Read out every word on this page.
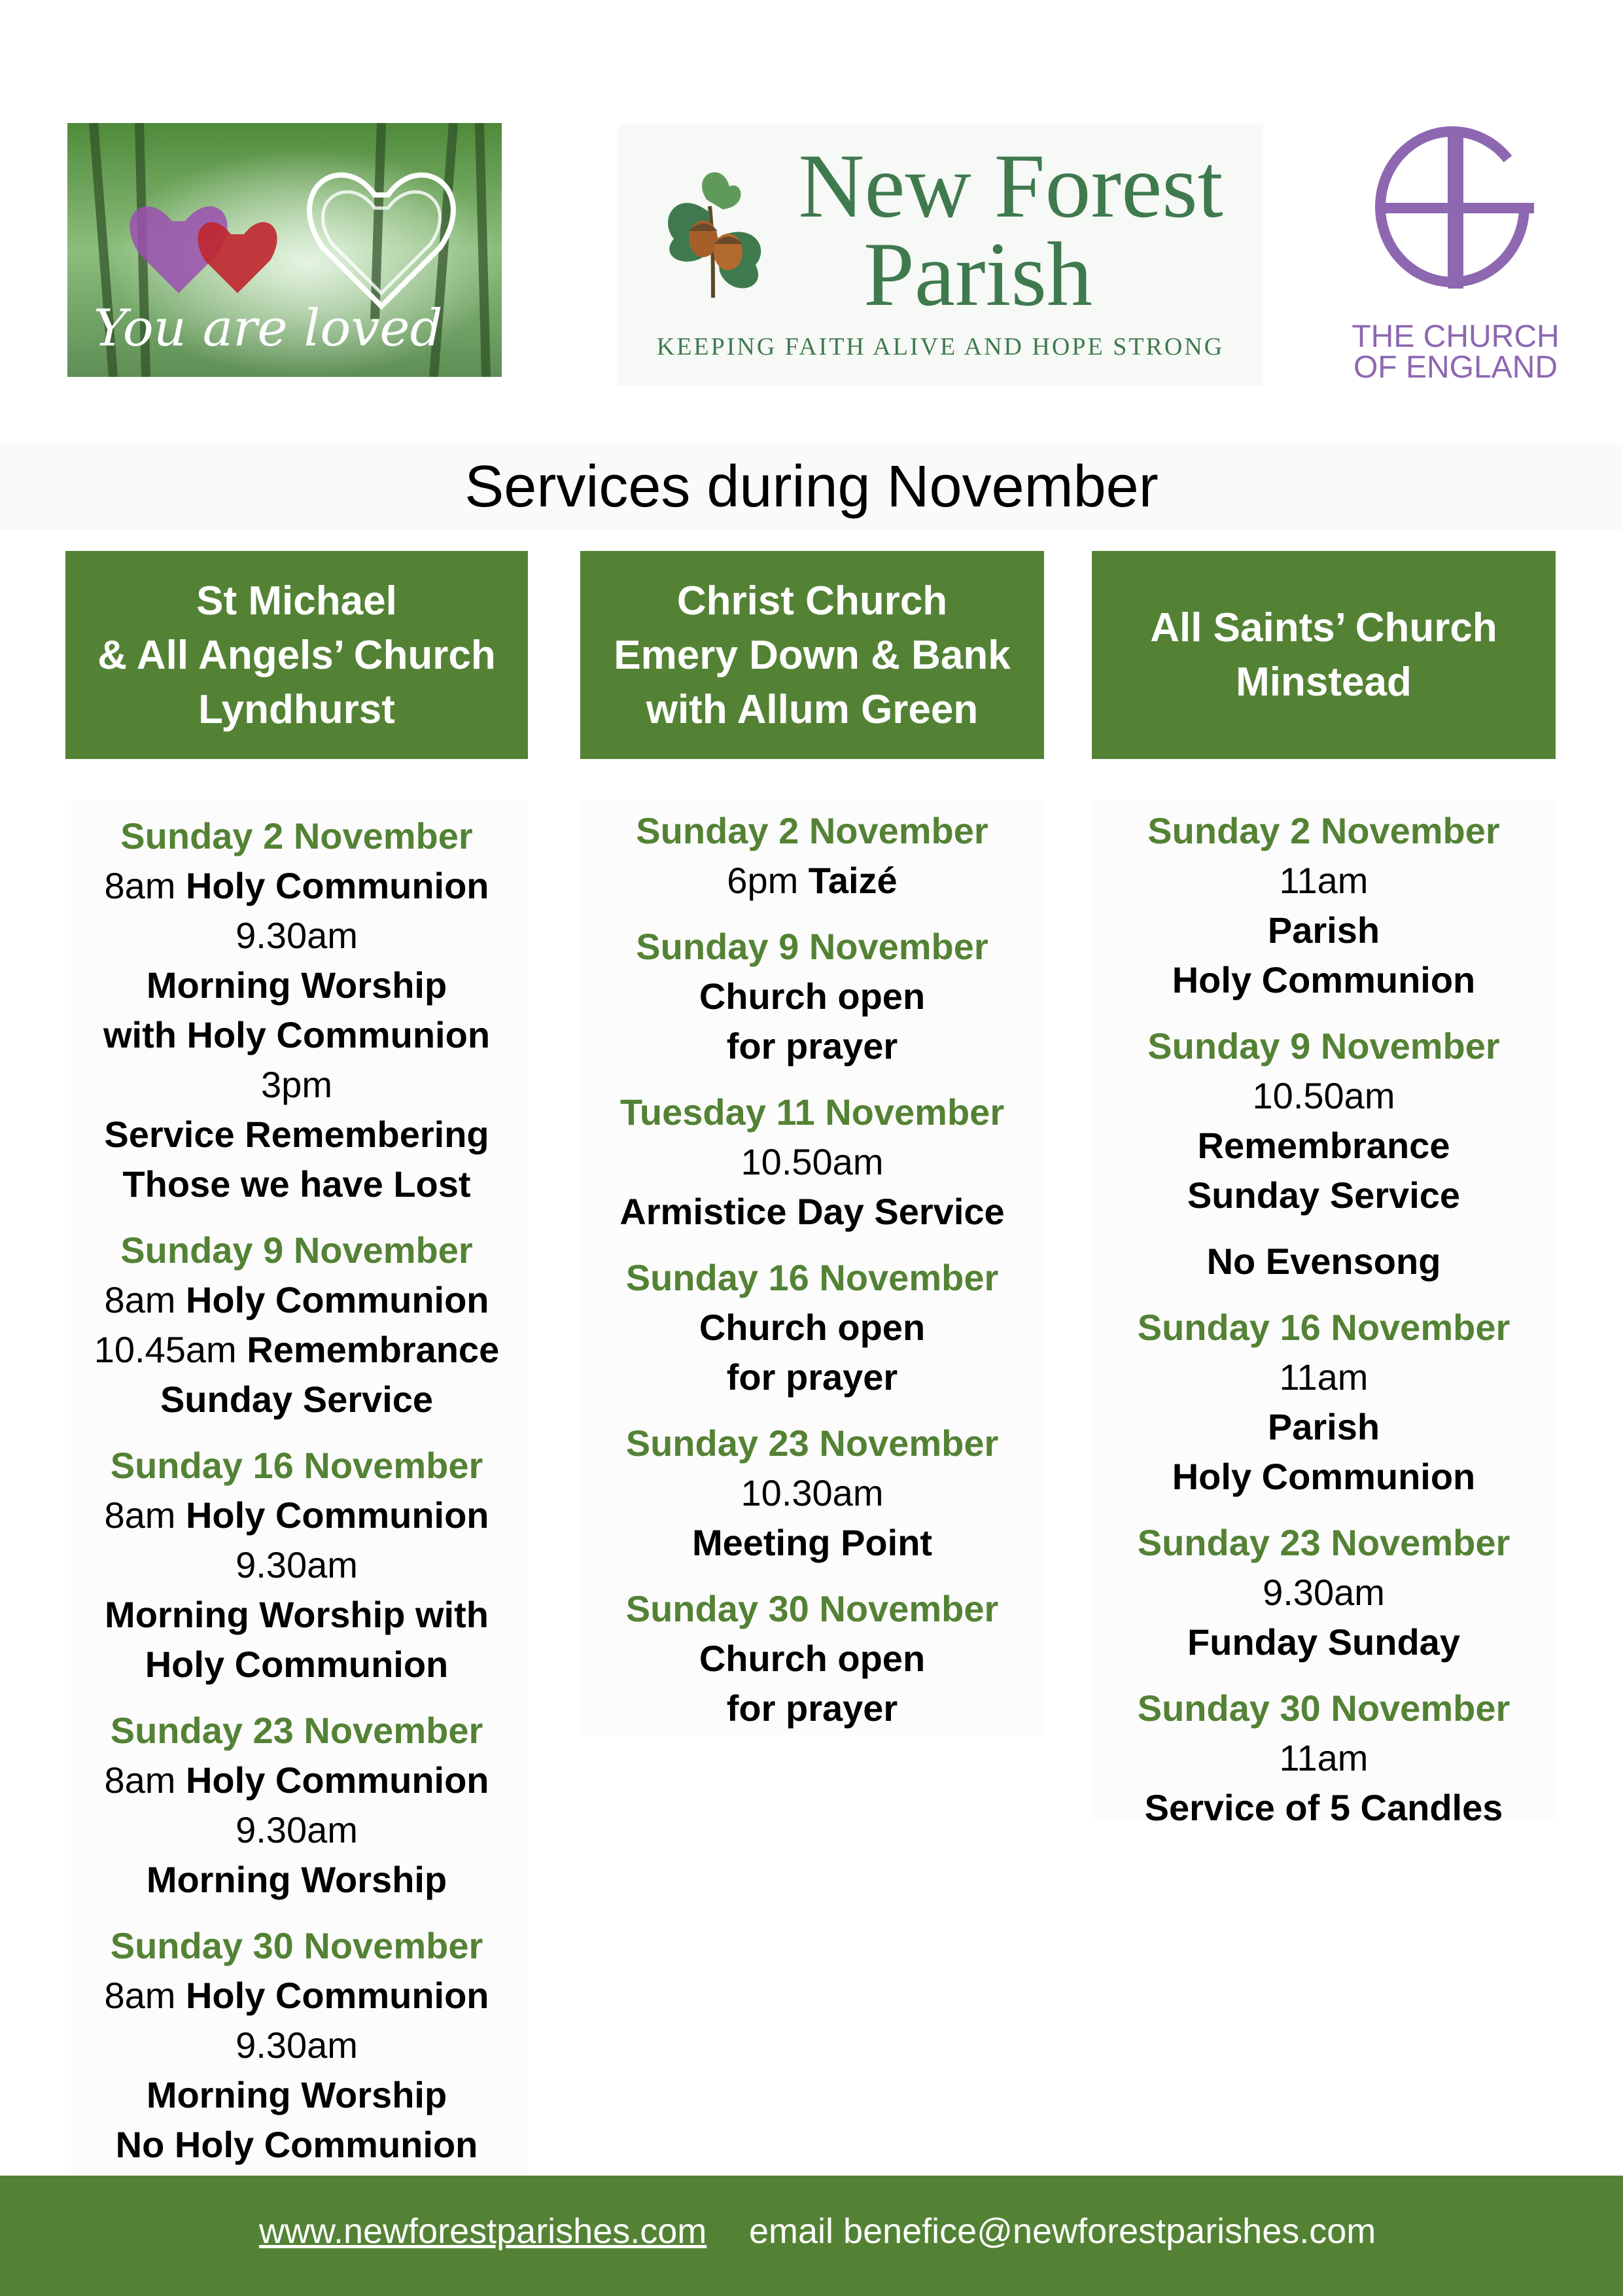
You are loved
New Forest
Parish
KEEPING FAITH ALIVE AND HOPE STRONG	THE CHURCH
OF ENGLAND
Services during November
St Michael
& All Angels’ Church
Lyndhurst
Christ Church
Emery Down & Bank
with Allum Green
All Saints’ Church
Minstead
Sunday 2 November
8am Holy Communion
9.30am
Morning Worship
with Holy Communion
3pm
Service Remembering
Those we have Lost
Sunday 9 November
8am Holy Communion
10.45am Remembrance
Sunday Service
Sunday 16 November
8am Holy Communion
9.30am
Morning Worship with
Holy Communion
Sunday 23 November
8am Holy Communion
9.30am
Morning Worship
Sunday 30 November
8am Holy Communion
9.30am
Morning Worship
No Holy Communion
Sunday 2 November
6pm Taizé
Sunday 9 November
Church open
for prayer
Tuesday 11 November
10.50am
Armistice Day Service
Sunday 16 November
Church open
for prayer
Sunday 23 November
10.30am
Meeting Point
Sunday 30 November
Church open
for prayer
Sunday 2 November
11am
Parish
Holy Communion
Sunday 9 November
10.50am
Remembrance
Sunday Service
No Evensong
Sunday 16 November
11am
Parish
Holy Communion
Sunday 23 November
9.30am
Funday Sunday
Sunday 30 November
11am
Service of 5 Candles
www.newforestparishes.com email benefice@newforestparishes.com
